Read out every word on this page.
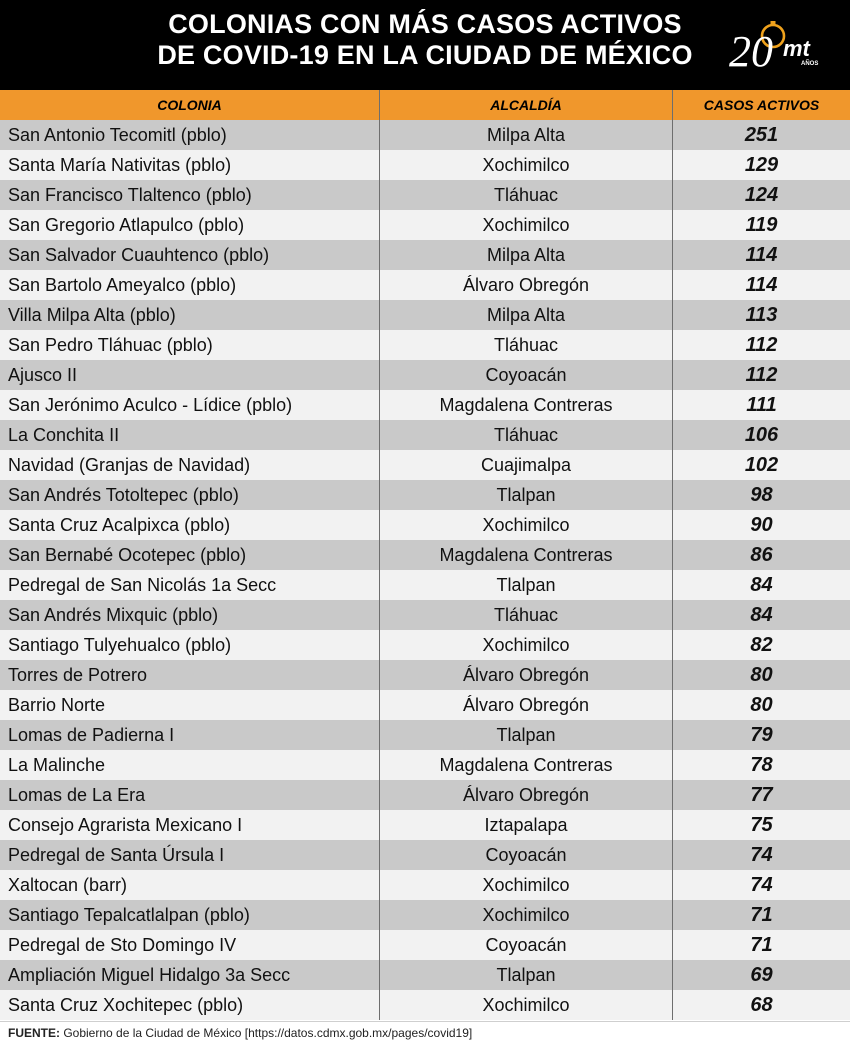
COLONIAS CON MÁS CASOS ACTIVOS
DE COVID-19 EN LA CIUDAD DE MÉXICO 20 mt
AÑOS
COLONIA	ALCALDÍA	CASOS ACTIVOS
San Antonio Tecomitl (pblo)	Milpa Alta	251
Santa María Nativitas (pblo)	Xochimilco	129
San Francisco Tlaltenco (pblo)	Tláhuac	124
San Gregorio Atlapulco (pblo)	Xochimilco	119
San Salvador Cuauhtenco (pblo)	Milpa Alta	114
San Bartolo Ameyalco (pblo)	Álvaro Obregón	114
Villa Milpa Alta (pblo)	Milpa Alta	113
San Pedro Tláhuac (pblo)	Tláhuac	112
Ajusco II	Coyoacán	112
San Jerónimo Aculco - Lídice (pblo)	Magdalena Contreras	111
La Conchita II	Tláhuac	106
Navidad (Granjas de Navidad)	Cuajimalpa	102
San Andrés Totoltepec (pblo)	Tlalpan	98
Santa Cruz Acalpixca (pblo)	Xochimilco	90
San Bernabé Ocotepec (pblo)	Magdalena Contreras	86
Pedregal de San Nicolás 1a Secc	Tlalpan	84
San Andrés Mixquic (pblo)	Tláhuac	84
Santiago Tulyehualco (pblo)	Xochimilco	82
Torres de Potrero	Álvaro Obregón	80
Barrio Norte	Álvaro Obregón	80
Lomas de Padierna I	Tlalpan	79
La Malinche	Magdalena Contreras	78
Lomas de La Era	Álvaro Obregón	77
Consejo Agrarista Mexicano I	Iztapalapa	75
Pedregal de Santa Úrsula I	Coyoacán	74
Xaltocan (barr)	Xochimilco	74
Santiago Tepalcatlalpan (pblo)	Xochimilco	71
Pedregal de Sto Domingo IV	Coyoacán	71
Ampliación Miguel Hidalgo 3a Secc	Tlalpan	69
Santa Cruz Xochitepec (pblo)	Xochimilco	68
FUENTE: Gobierno de la Ciudad de México [https://datos.cdmx.gob.mx/pages/covid19]
